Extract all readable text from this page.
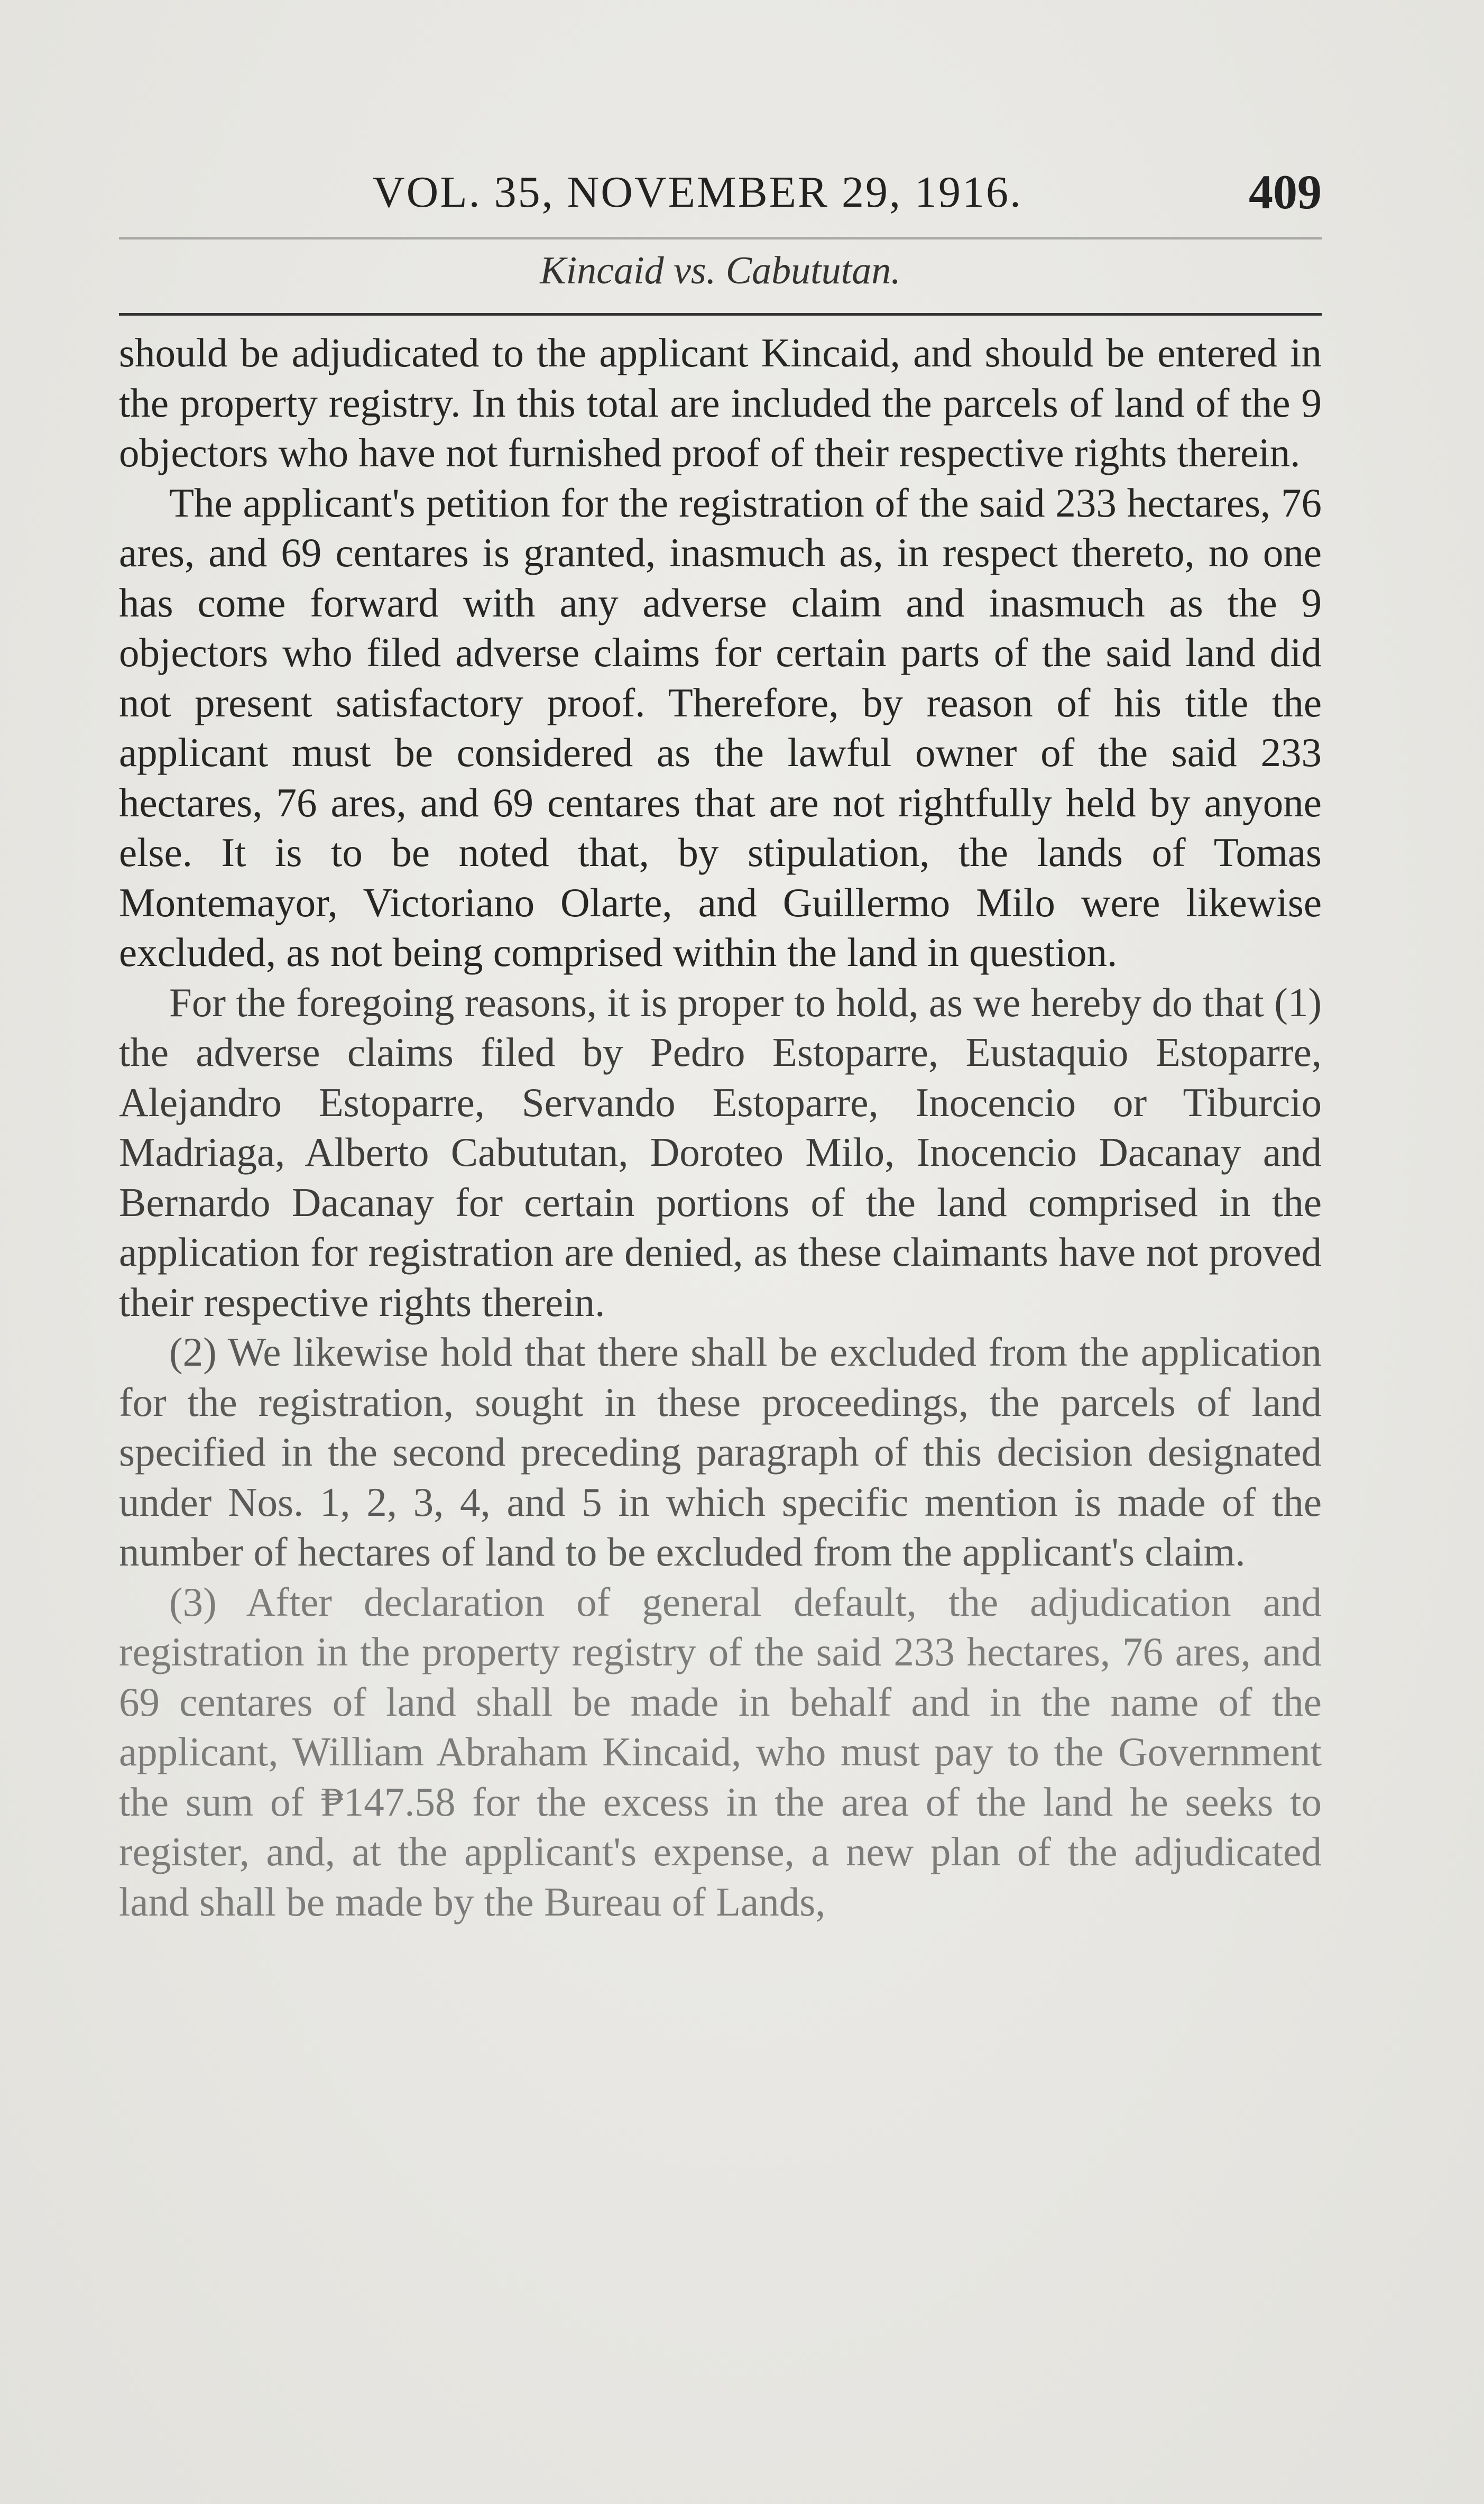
VOL. 35, NOVEMBER 29, 1916.	409
Kincaid vs. Cabututan.

should be adjudicated to the applicant Kincaid, and should be entered in the property registry. In this total are included the parcels of land of the 9 objectors who have not furnished proof of their respective rights therein.

The applicant's petition for the registration of the said 233 hectares, 76 ares, and 69 centares is granted, inasmuch as, in respect thereto, no one has come forward with any adverse claim and inasmuch as the 9 objectors who filed adverse claims for certain parts of the said land did not present satisfactory proof. Therefore, by reason of his title the applicant must be considered as the lawful owner of the said 233 hectares, 76 ares, and 69 centares that are not rightfully held by anyone else. It is to be noted that, by stipulation, the lands of Tomas Montemayor, Victoriano Olarte, and Guillermo Milo were likewise excluded, as not being comprised within the land in question.

For the foregoing reasons, it is proper to hold, as we hereby do that (1) the adverse claims filed by Pedro Estoparre, Eustaquio Estoparre, Alejandro Estoparre, Servando Estoparre, Inocencio or Tiburcio Madriaga, Alberto Cabututan, Doroteo Milo, Inocencio Dacanay and Bernardo Dacanay for certain portions of the land comprised in the application for registration are denied, as these claimants have not proved their respective rights therein.

(2) We likewise hold that there shall be excluded from the application for the registration, sought in these proceedings, the parcels of land specified in the second preceding paragraph of this decision designated under Nos. 1, 2, 3, 4, and 5 in which specific mention is made of the number of hectares of land to be excluded from the applicant's claim.

(3) After declaration of general default, the adjudication and registration in the property registry of the said 233 hectares, 76 ares, and 69 centares of land shall be made in behalf and in the name of the applicant, William Abraham Kincaid, who must pay to the Government the sum of ₱147.58 for the excess in the area of the land he seeks to register, and, at the applicant's expense, a new plan of the adjudicated land shall be made by the Bureau of Lands,
